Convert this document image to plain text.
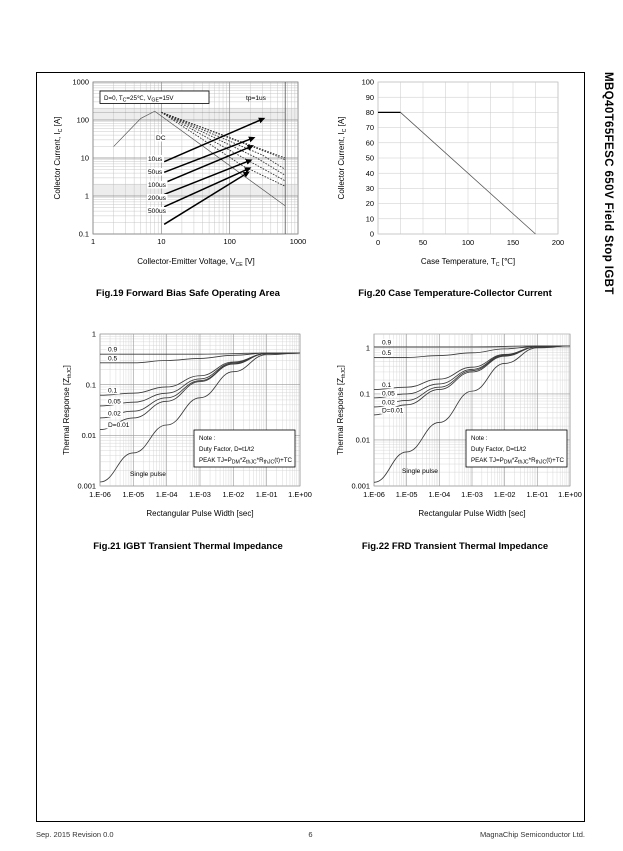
MBQ40T65FESC 650V Field Stop IGBT
1	10	100	1000
1000
100
10
1
0.1
D=0, $T_C=25℃$, $V_{GE}=15V$	tp=1us
DC
10us
50us
100us
200us
500us
Collector-Emitter Voltage, $V_{CE}$ [V]
Collector Current, $I_C$ [A]
Fig.19 Forward Bias Safe Operating Area
0	50	100	150	200
0
10
20
30
40
50
60
70
80
90
100
Case Temperature, $T_C$ [℃]
Collector Current, $I_C$ [A]
Fig.20 Case Temperature-Collector Current
1.E-06 1.E-05 1.E-04 1.E-03 1.E-02 1.E-01 1.E+00
1
0.1
0.01
0.001
0.9
0.5
0.1
0.05
0.02
D=0.01
Note :
Duty Factor, D=t1/t2
PEAK $TJ=P_{DM}*Z_{thJC}*R_{thJC}(t)+TC$
Single pulse
Rectangular Pulse Width [sec]
Thermal Response $[Z_{thJC}]$
Fig.21 IGBT Transient Thermal Impedance
1.E-06 1.E-05 1.E-04 1.E-03 1.E-02 1.E-01 1.E+00
1
0.1
0.01
0.001
0.9
0.5
0.1
0.05
0.02
D=0.01
Note :
Duty Factor, D=t1/t2
PEAK $TJ=P_{DM}*Z_{thJC}*R_{thJC}(t)+TC$
Single pulse
Rectangular Pulse Width [sec]
Thermal Response $[Z_{thJC}]$
Fig.22 FRD Transient Thermal Impedance
Sep. 2015 Revision 0.0	6	MagnaChip Semiconductor Ltd.
